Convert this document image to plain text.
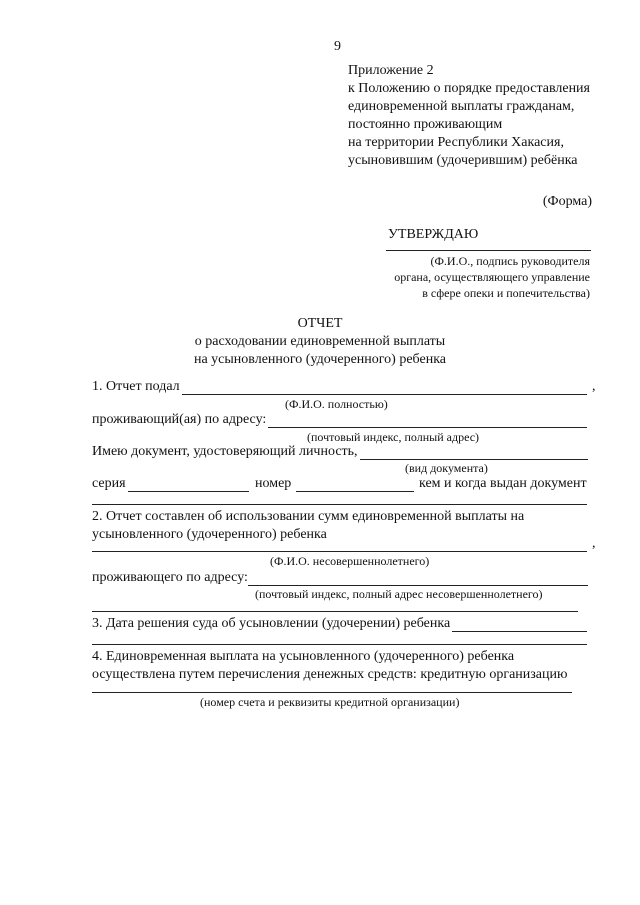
9
Приложение 2
к Положению о порядке предоставления
единовременной выплаты гражданам,
постоянно проживающим
на территории Республики Хакасия,
усыновившим (удочерившим) ребёнка
(Форма)
УТВЕРЖДАЮ
(Ф.И.О., подпись руководителя
органа, осуществляющего управление
в сфере опеки и попечительства)
ОТЧЕТ
о расходовании единовременной выплаты
на усыновленного (удочеренного) ребенка
1. Отчет подал	,
(Ф.И.О. полностью)
проживающий(ая) по адресу:
(почтовый индекс, полный адрес)
Имею документ, удостоверяющий личность,
(вид документа)
серия	номер	кем и когда выдан документ
2. Отчет составлен об использовании сумм единовременной выплаты на
усыновленного (удочеренного) ребенка
,
(Ф.И.О. несовершеннолетнего)
проживающего по адресу:
(почтовый индекс, полный адрес несовершеннолетнего)
3. Дата решения суда об усыновлении (удочерении) ребенка
4. Единовременная выплата на усыновленного (удочеренного) ребенка
осуществлена путем перечисления денежных средств: кредитную организацию
(номер счета и реквизиты кредитной организации)
